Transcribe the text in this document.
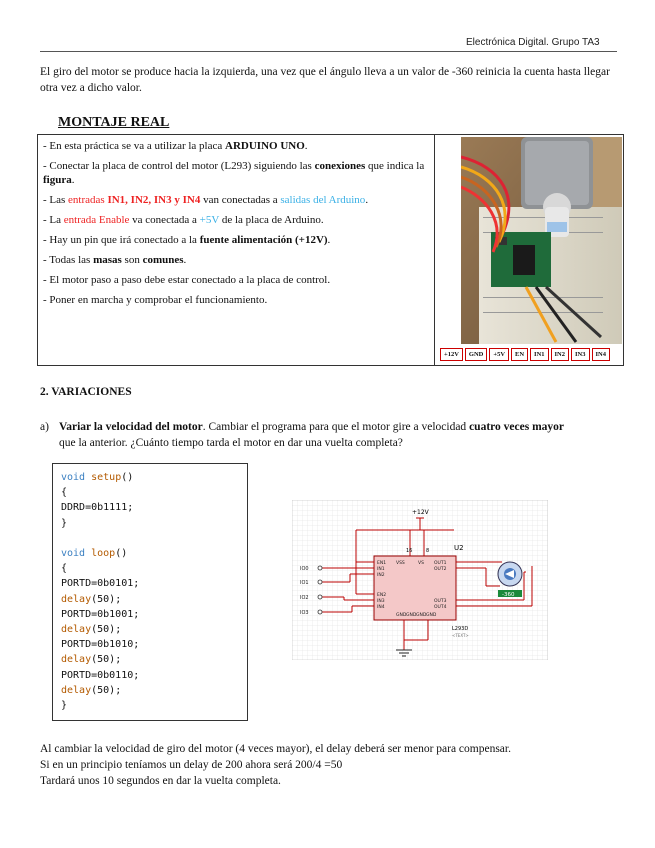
Electrónica Digital. Grupo TA3
El giro del motor se produce hacia la izquierda, una vez que el ángulo lleva a un valor de -360 reinicia la cuenta hasta llegar otra vez a dicho valor.
MONTAJE REAL
- En esta práctica se va a utilizar la placa ARDUINO UNO.
- Conectar la placa de control del motor (L293) siguiendo las conexiones que indica la figura.
- Las entradas IN1, IN2, IN3 y IN4 van conectadas a salidas del Arduino.
- La entrada Enable va conectada a +5V de la placa de Arduino.
- Hay un pin que irá conectado a la fuente alimentación (+12V).
- Todas las masas son comunes.
- El motor paso a paso debe estar conectado a la placa de control.
- Poner en marcha y comprobar el funcionamiento.
+12V	GND	+5V	EN	IN1	IN2	IN3	IN4
2. VARIACIONES
a) Variar la velocidad del motor. Cambiar el programa para que el motor gire a velocidad cuatro veces mayor
que la anterior. ¿Cuánto tiempo tarda el motor en dar una vuelta completa?
void setup()
{
DDRD=0b1111;
}
void loop()
{
PORTD=0b0101;
delay(50);
PORTD=0b1001;
delay(50);
PORTD=0b1010;
delay(50);
PORTD=0b0110;
delay(50);
}
+12V
16	8	U2
L293D
<TEXT>
EN1
IN1
IN2
EN2
IN3
IN4
VSS	VS OUT1
OUT2
OUT3
OUT4
GND GND GND GND
IO0
IO1
IO2
IO3
-360
Al cambiar la velocidad de giro del motor (4 veces mayor), el delay deberá ser menor para compensar.
Si en un principio teníamos un delay de 200 ahora será 200/4 =50
Tardará unos 10 segundos en dar la vuelta completa.
